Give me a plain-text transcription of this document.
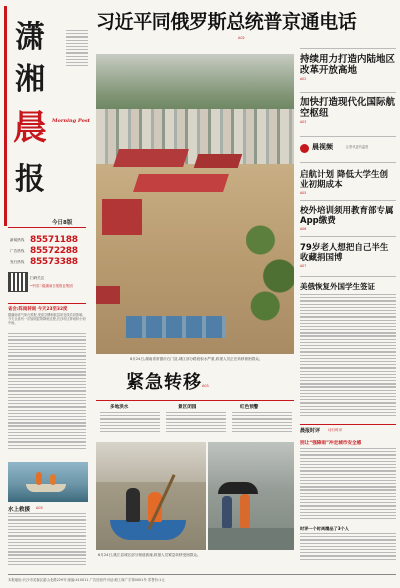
潇
湘
晨
报
Morning Post
今日8版
新闻热线 85571188
广告热线 85572288
发行热线 85573388
扫码关注
•中国二级湖南日报报业集团
省会:阵雨转雨 今天23至32度
据湖南省气象台预报,受高空槽和低层切变线共同影响,今天全省有一次较明显的降雨过程,长沙市区阵雨转小到中雨。
水上救援 A03
习近平同俄罗斯总统普京通电话
A02
6月24日,湖南省常德市石门县,城区部分路段积水严重,救援人员正在转移被困群众。
紧急转移 A03
多地洪水	景区闭园	红色预警
6月24日,桃江县城区部分街道被淹,救援人员紧急转移受困群众。
持续用力打造内陆地区改革开放高地
A02
加快打造现代化国际航空枢纽
A03
晨视频	让资讯更有温度
启航计划 降低大学生创业初期成本
A05
校外培训须用教育部专属App缴费
A06
79岁老人想把自己半生收藏捐国博
A07
美俄恢复外国学生签证
晨报时评 诗行时评
别让“强降雨”冲走城市安全感
时评一个时尚精品了3个人
本报地址:长沙市芙蓉区韶山北路229号 邮编:410011 广告经营许可证:湘工商广字第0001号 零售价:1元
